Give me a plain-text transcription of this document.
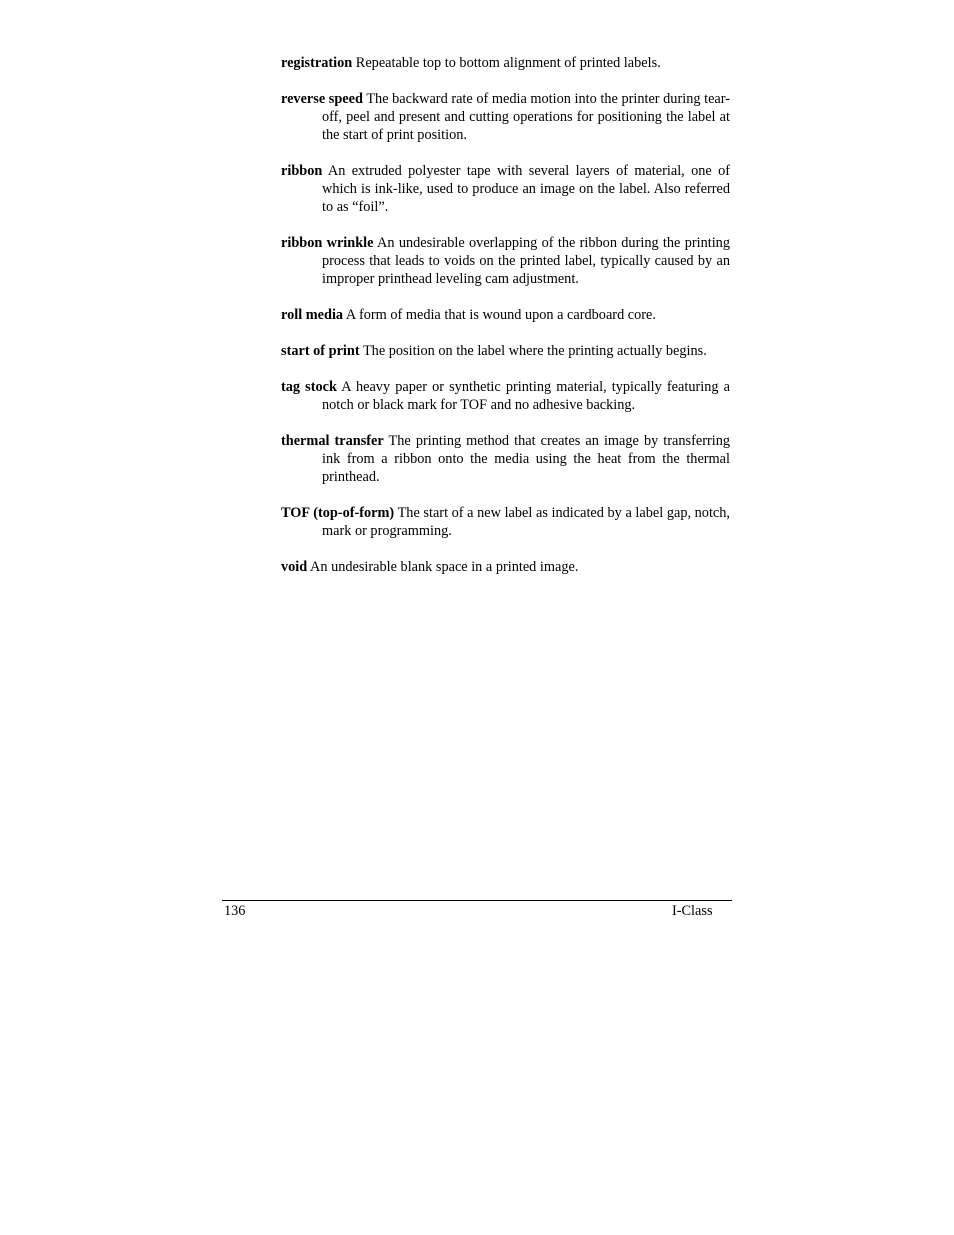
registration Repeatable top to bottom alignment of printed labels.

reverse speed The backward rate of media motion into the printer during tear-off, peel and present and cutting operations for positioning the label at the start of print position.

ribbon An extruded polyester tape with several layers of material, one of which is ink-like, used to produce an image on the label. Also referred to as “foil”.

ribbon wrinkle An undesirable overlapping of the ribbon during the printing process that leads to voids on the printed label, typically caused by an improper printhead leveling cam adjustment.

roll media A form of media that is wound upon a cardboard core.

start of print The position on the label where the printing actually begins.

tag stock A heavy paper or synthetic printing material, typically featuring a notch or black mark for TOF and no adhesive backing.

thermal transfer The printing method that creates an image by transferring ink from a ribbon onto the media using the heat from the thermal printhead.

TOF (top-of-form) The start of a new label as indicated by a label gap, notch, mark or programming.

void An undesirable blank space in a printed image.

136	I-Class
